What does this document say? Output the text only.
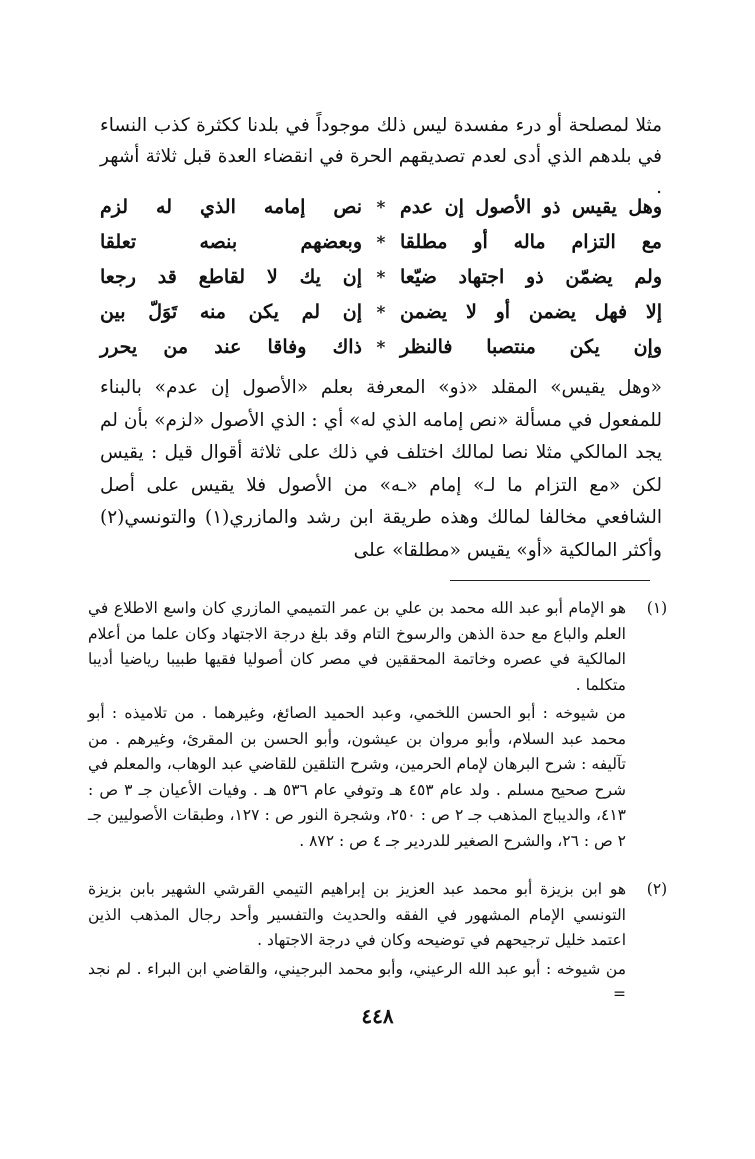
مثلا لمصلحة أو درء مفسدة ليس ذلك موجوداً في بلدنا ككثرة كذب النساء في بلدهم الذي أدى لعدم تصديقهم الحرة في انقضاء العدة قبل ثلاثة أشهر .

وهل يقيس ذو الأصول إن عدم
*
نص إمامه الذي له لزم
مع التزام ماله أو مطلقا
*
وبعضهم بنصه تعلقا
ولم يضمّن ذو اجتهاد ضيّعا
*
إن يك لا لقاطع قد رجعا
إلا فهل يضمن أو لا يضمن
*
إن لم يكن منه تَوَلّ بين
وإن يكن منتصبا فالنظر
*
ذاك وفاقا عند من يحرر

«وهل يقيس» المقلد «ذو» المعرفة بعلم «الأصول إن عدم» بالبناء للمفعول في مسألة «نص إمامه الذي له» أي : الذي الأصول «لزم» بأن لم يجد المالكي مثلا نصا لمالك اختلف في ذلك على ثلاثة أقوال قيل : يقيس لكن «مع التزام ما لـ» إمام «ـه» من الأصول فلا يقيس على أصل الشافعي مخالفا لمالك وهذه طريقة ابن رشد والمازري(١) والتونسي(٢) وأكثر المالكية «أو» يقيس «مطلقا» على

(١)

هو الإمام أبو عبد الله محمد بن علي بن عمر التميمي المازري كان واسع الاطلاع في العلم والباع مع حدة الذهن والرسوخ التام وقد بلغ درجة الاجتهاد وكان علما من أعلام المالكية في عصره وخاتمة المحققين في مصر كان أصوليا فقيها طبيبا رياضيا أديبا متكلما .

من شيوخه : أبو الحسن اللخمي، وعبد الحميد الصائغ، وغيرهما . من تلاميذه : أبو محمد عبد السلام، وأبو مروان بن عيشون، وأبو الحسن بن المقرئ، وغيرهم . من تآليفه : شرح البرهان لإمام الحرمين، وشرح التلقين للقاضي عبد الوهاب، والمعلم في شرح صحيح مسلم . ولد عام ٤٥٣ هـ وتوفي عام ٥٣٦ هـ . وفيات الأعيان جـ ٣ ص : ٤١٣، والديباج المذهب جـ ٢ ص : ٢٥٠، وشجرة النور ص : ١٢٧، وطبقات الأصوليين جـ ٢ ص : ٢٦، والشرح الصغير للدردير جـ ٤ ص : ٨٧٢ .

(٢)

هو ابن بزيزة أبو محمد عبد العزيز بن إبراهيم التيمي القرشي الشهير بابن بزيزة التونسي الإمام المشهور في الفقه والحديث والتفسير وأحد رجال المذهب الذين اعتمد خليل ترجيحهم في توضيحه وكان في درجة الاجتهاد .

من شيوخه : أبو عبد الله الرعيني، وأبو محمد البرجيني، والقاضي ابن البراء . لم نجد =

٤٤٨
